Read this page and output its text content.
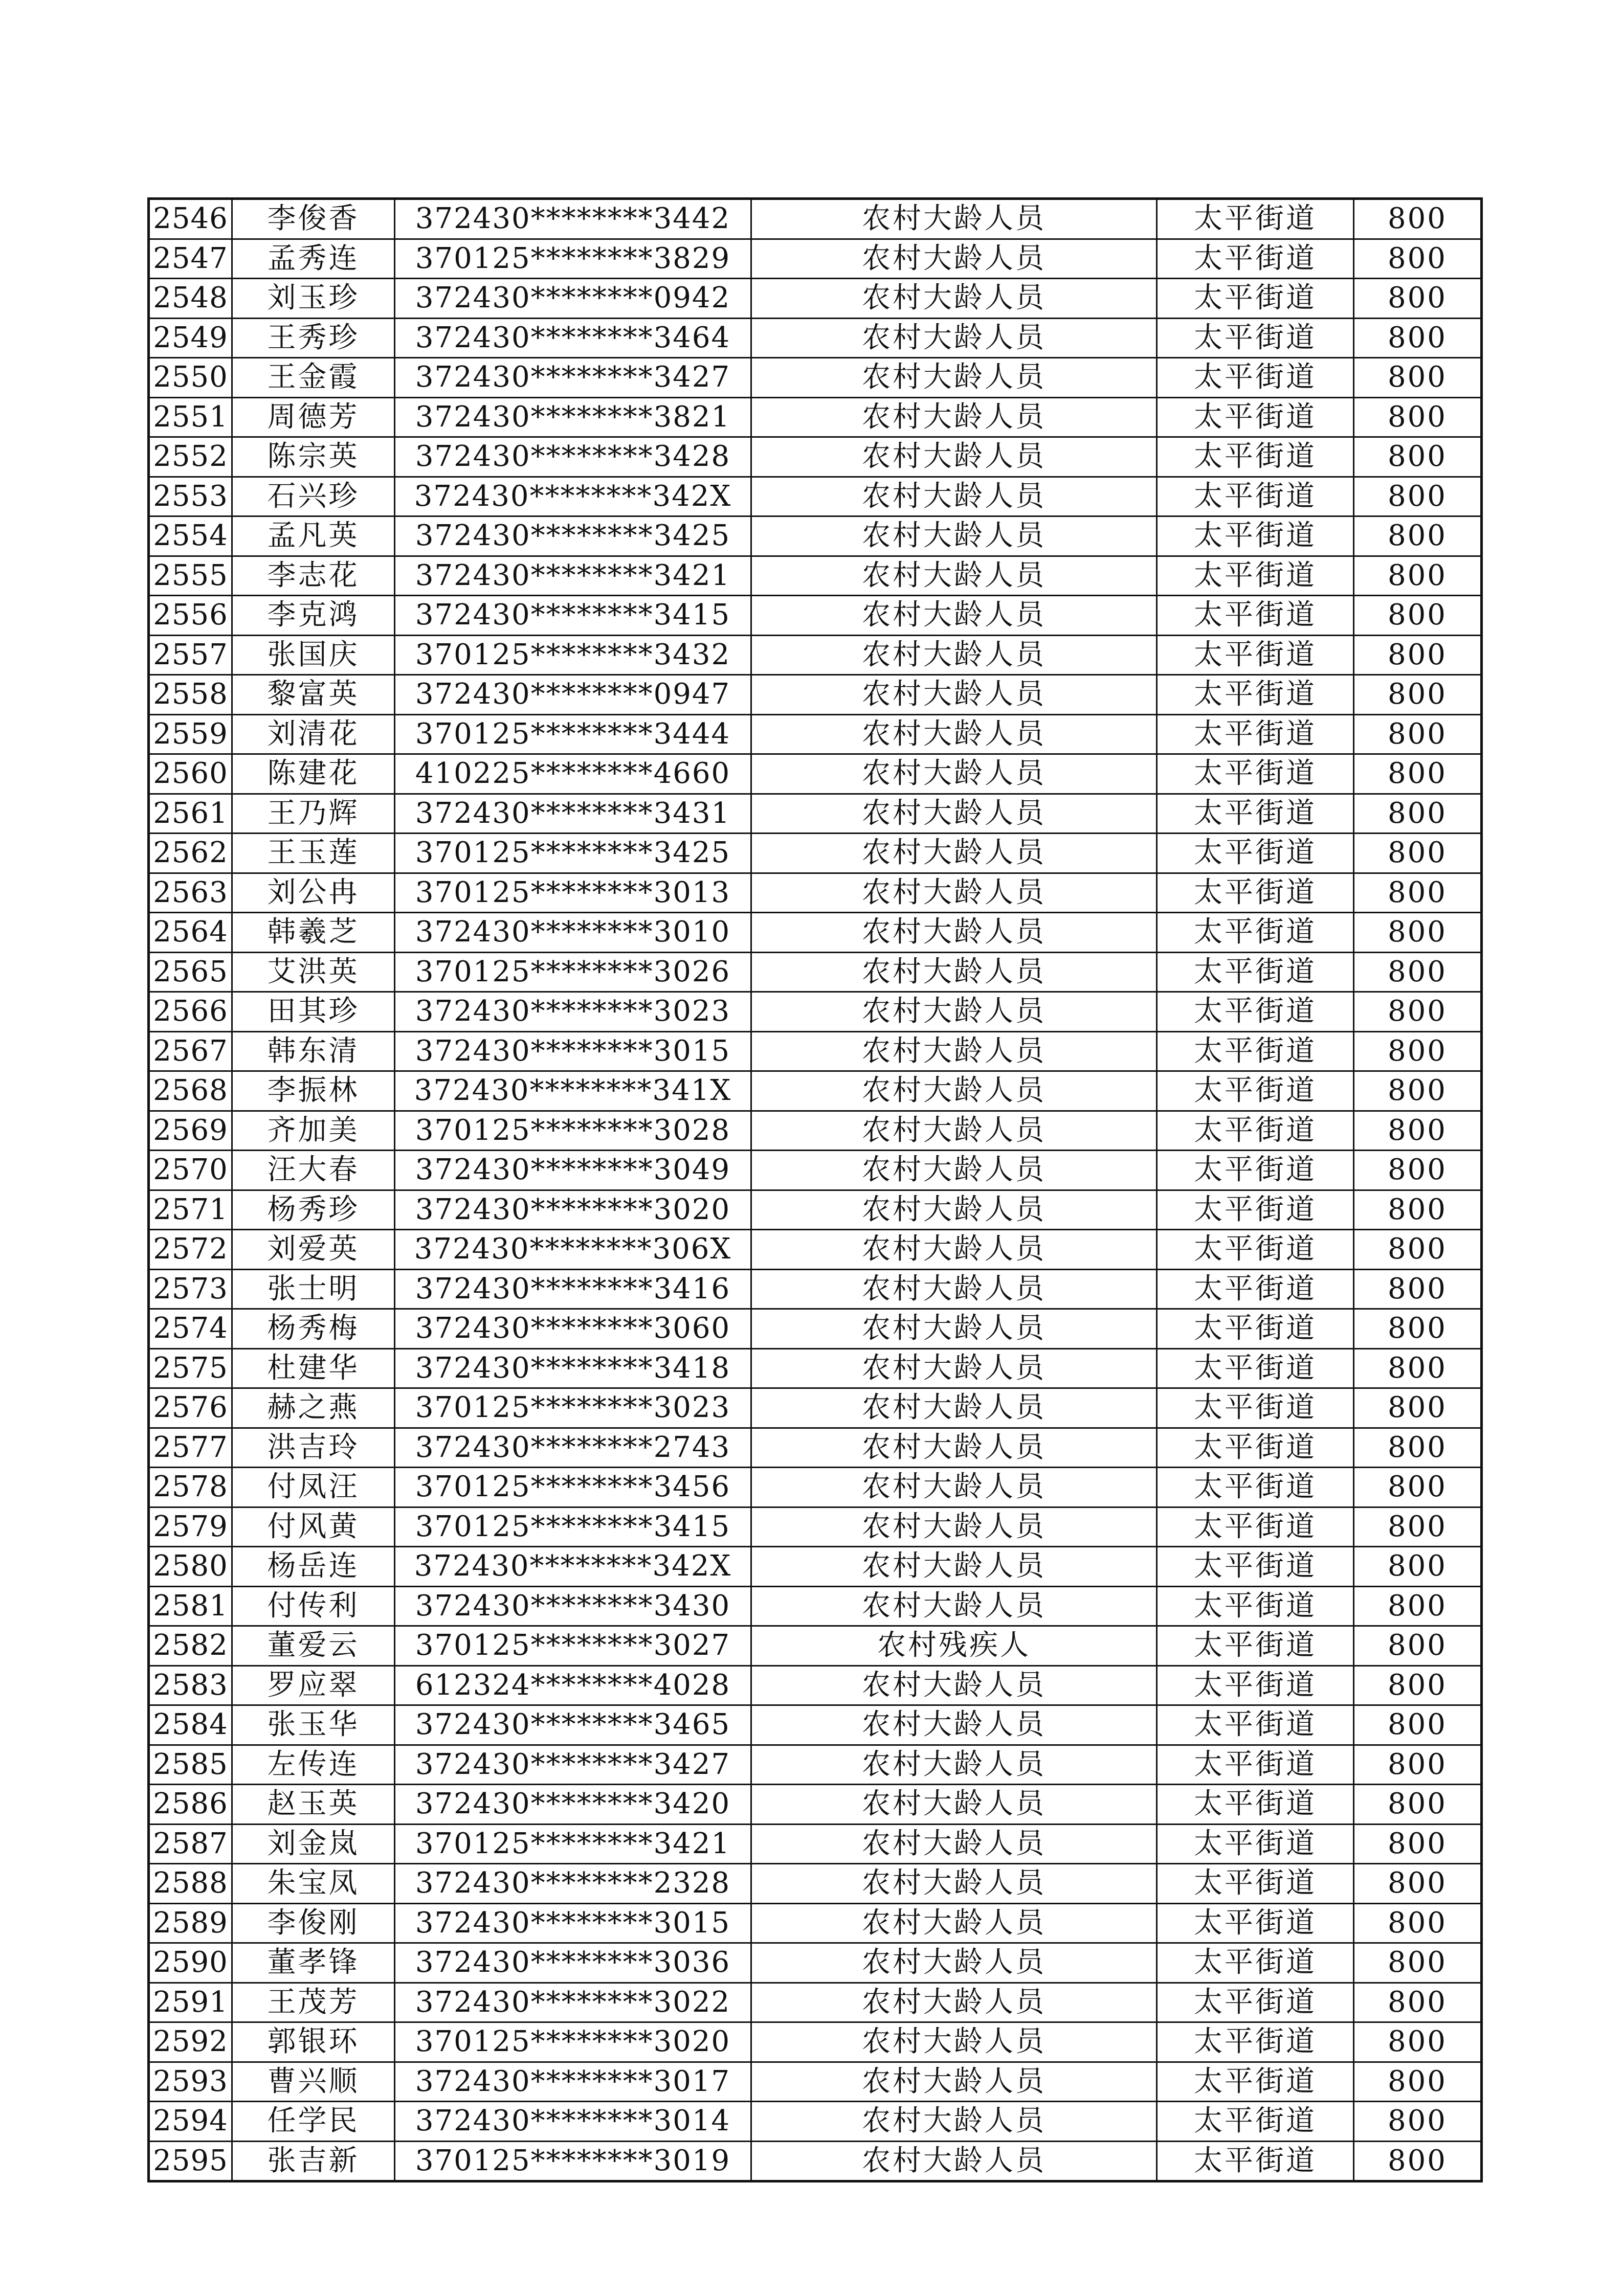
2546	李俊香	372430********3442	农村大龄人员	太平街道	800
2547	孟秀连	370125********3829	农村大龄人员	太平街道	800
2548	刘玉珍	372430********0942	农村大龄人员	太平街道	800
2549	王秀珍	372430********3464	农村大龄人员	太平街道	800
2550	王金霞	372430********3427	农村大龄人员	太平街道	800
2551	周德芳	372430********3821	农村大龄人员	太平街道	800
2552	陈宗英	372430********3428	农村大龄人员	太平街道	800
2553	石兴珍	372430********342X	农村大龄人员	太平街道	800
2554	孟凡英	372430********3425	农村大龄人员	太平街道	800
2555	李志花	372430********3421	农村大龄人员	太平街道	800
2556	李克鸿	372430********3415	农村大龄人员	太平街道	800
2557	张国庆	370125********3432	农村大龄人员	太平街道	800
2558	黎富英	372430********0947	农村大龄人员	太平街道	800
2559	刘清花	370125********3444	农村大龄人员	太平街道	800
2560	陈建花	410225********4660	农村大龄人员	太平街道	800
2561	王乃辉	372430********3431	农村大龄人员	太平街道	800
2562	王玉莲	370125********3425	农村大龄人员	太平街道	800
2563	刘公冉	370125********3013	农村大龄人员	太平街道	800
2564	韩羲芝	372430********3010	农村大龄人员	太平街道	800
2565	艾洪英	370125********3026	农村大龄人员	太平街道	800
2566	田其珍	372430********3023	农村大龄人员	太平街道	800
2567	韩东清	372430********3015	农村大龄人员	太平街道	800
2568	李振林	372430********341X	农村大龄人员	太平街道	800
2569	齐加美	370125********3028	农村大龄人员	太平街道	800
2570	汪大春	372430********3049	农村大龄人员	太平街道	800
2571	杨秀珍	372430********3020	农村大龄人员	太平街道	800
2572	刘爱英	372430********306X	农村大龄人员	太平街道	800
2573	张士明	372430********3416	农村大龄人员	太平街道	800
2574	杨秀梅	372430********3060	农村大龄人员	太平街道	800
2575	杜建华	372430********3418	农村大龄人员	太平街道	800
2576	赫之燕	370125********3023	农村大龄人员	太平街道	800
2577	洪吉玲	372430********2743	农村大龄人员	太平街道	800
2578	付凤汪	370125********3456	农村大龄人员	太平街道	800
2579	付风黄	370125********3415	农村大龄人员	太平街道	800
2580	杨岳连	372430********342X	农村大龄人员	太平街道	800
2581	付传利	372430********3430	农村大龄人员	太平街道	800
2582	董爱云	370125********3027	农村残疾人	太平街道	800
2583	罗应翠	612324********4028	农村大龄人员	太平街道	800
2584	张玉华	372430********3465	农村大龄人员	太平街道	800
2585	左传连	372430********3427	农村大龄人员	太平街道	800
2586	赵玉英	372430********3420	农村大龄人员	太平街道	800
2587	刘金岚	370125********3421	农村大龄人员	太平街道	800
2588	朱宝凤	372430********2328	农村大龄人员	太平街道	800
2589	李俊刚	372430********3015	农村大龄人员	太平街道	800
2590	董孝锋	372430********3036	农村大龄人员	太平街道	800
2591	王茂芳	372430********3022	农村大龄人员	太平街道	800
2592	郭银环	370125********3020	农村大龄人员	太平街道	800
2593	曹兴顺	372430********3017	农村大龄人员	太平街道	800
2594	任学民	372430********3014	农村大龄人员	太平街道	800
2595	张吉新	370125********3019	农村大龄人员	太平街道	800
